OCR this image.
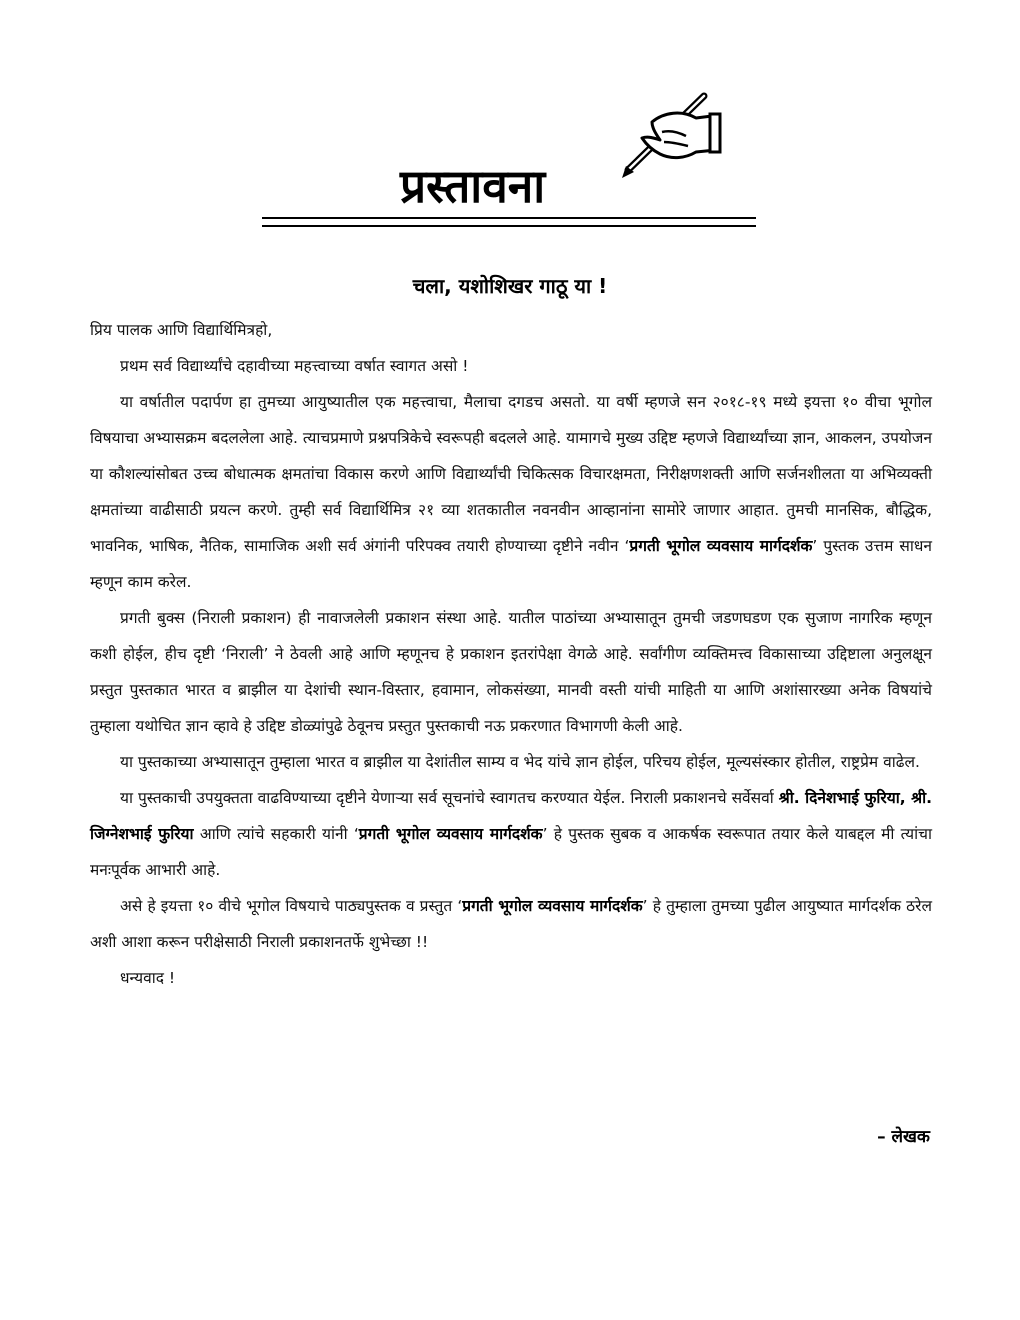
प्रस्तावना
चला, यशोशिखर गाठू या !

प्रिय पालक आणि विद्यार्थिमित्रहो,

प्रथम सर्व विद्यार्थ्यांचे दहावीच्या महत्त्वाच्या वर्षात स्वागत असो !

या वर्षातील पदार्पण हा तुमच्या आयुष्यातील एक महत्त्वाचा, मैलाचा दगडच असतो. या वर्षी म्हणजे सन २०१८-१९ मध्ये इयत्ता १० वीचा भूगोल विषयाचा अभ्यासक्रम बदललेला आहे. त्याचप्रमाणे प्रश्नपत्रिकेचे स्वरूपही बदलले आहे. यामागचे मुख्य उद्दिष्ट म्हणजे विद्यार्थ्यांच्या ज्ञान, आकलन, उपयोजन या कौशल्यांसोबत उच्च बोधात्मक क्षमतांचा विकास करणे आणि विद्यार्थ्यांची चिकित्सक विचारक्षमता, निरीक्षणशक्ती आणि सर्जनशीलता या अभिव्यक्ती क्षमतांच्या वाढीसाठी प्रयत्न करणे. तुम्ही सर्व विद्यार्थिमित्र २१ व्या शतकातील नवनवीन आव्हानांना सामोरे जाणार आहात. तुमची मानसिक, बौद्धिक, भावनिक, भाषिक, नैतिक, सामाजिक अशी सर्व अंगांनी परिपक्व तयारी होण्याच्या दृष्टीने नवीन ‘प्रगती भूगोल व्यवसाय मार्गदर्शक’ पुस्तक उत्तम साधन म्हणून काम करेल.

प्रगती बुक्स (निराली प्रकाशन) ही नावाजलेली प्रकाशन संस्था आहे. यातील पाठांच्या अभ्यासातून तुमची जडणघडण एक सुजाण नागरिक म्हणून कशी होईल, हीच दृष्टी ‘निराली’ ने ठेवली आहे आणि म्हणूनच हे प्रकाशन इतरांपेक्षा वेगळे आहे. सर्वांगीण व्यक्तिमत्त्व विकासाच्या उद्दिष्टाला अनुलक्षून प्रस्तुत पुस्तकात भारत व ब्राझील या देशांची स्थान-विस्तार, हवामान, लोकसंख्या, मानवी वस्ती यांची माहिती या आणि अशांसारख्या अनेक विषयांचे तुम्हाला यथोचित ज्ञान व्हावे हे उद्दिष्ट डोळ्यांपुढे ठेवूनच प्रस्तुत पुस्तकाची नऊ प्रकरणात विभागणी केली आहे.

या पुस्तकाच्या अभ्यासातून तुम्हाला भारत व ब्राझील या देशांतील साम्य व भेद यांचे ज्ञान होईल, परिचय होईल, मूल्यसंस्कार होतील, राष्ट्रप्रेम वाढेल.

या पुस्तकाची उपयुक्तता वाढविण्याच्या दृष्टीने येणाऱ्या सर्व सूचनांचे स्वागतच करण्यात येईल. निराली प्रकाशनचे सर्वेसर्वा श्री. दिनेशभाई फुरिया, श्री. जिग्नेशभाई फुरिया आणि त्यांचे सहकारी यांनी ‘प्रगती भूगोल व्यवसाय मार्गदर्शक’ हे पुस्तक सुबक व आकर्षक स्वरूपात तयार केले याबद्दल मी त्यांचा मनःपूर्वक आभारी आहे.

असे हे इयत्ता १० वीचे भूगोल विषयाचे पाठ्यपुस्तक व प्रस्तुत ‘प्रगती भूगोल व्यवसाय मार्गदर्शक’ हे तुम्हाला तुमच्या पुढील आयुष्यात मार्गदर्शक ठरेल अशी आशा करून परीक्षेसाठी निराली प्रकाशनतर्फे शुभेच्छा !!

धन्यवाद !

– लेखक
